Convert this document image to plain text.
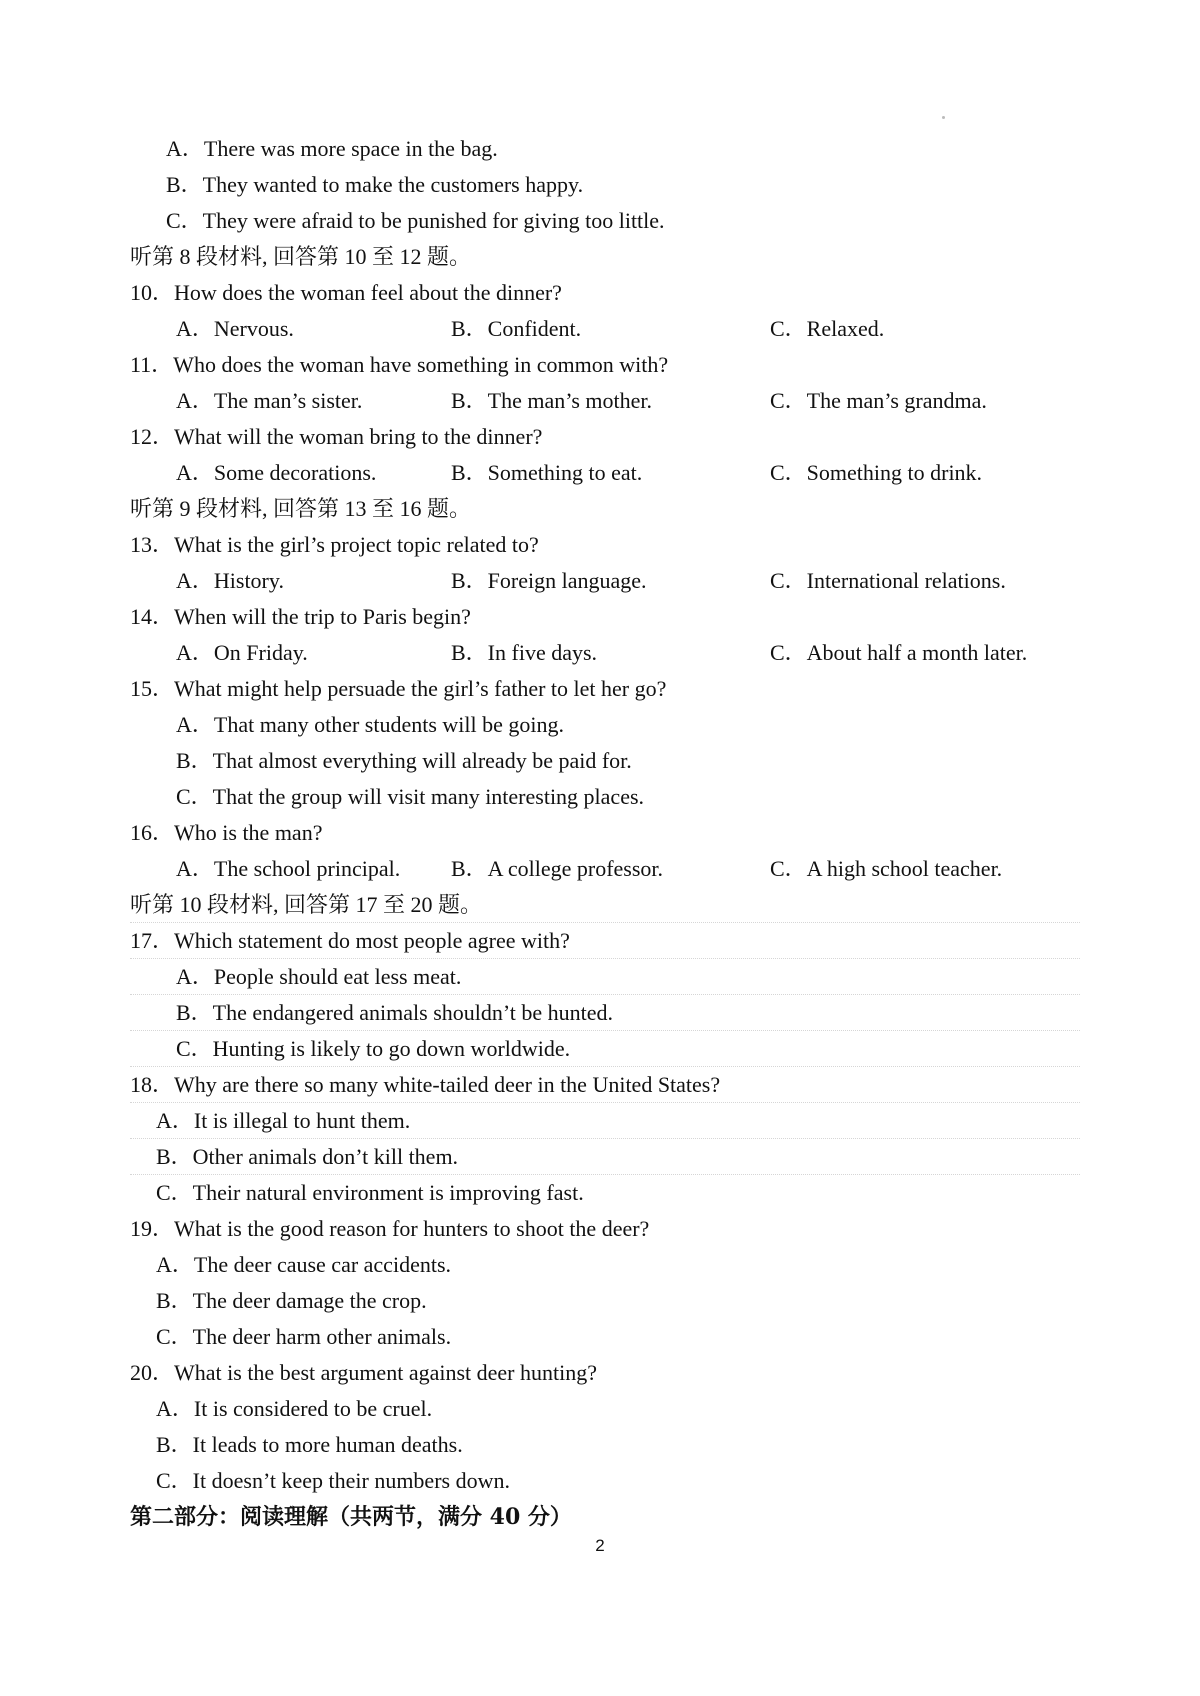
A．There was more space in the bag.
B．They wanted to make the customers happy.
C．They were afraid to be punished for giving too little.
听第 8 段材料, 回答第 10 至 12 题。
10．How does the woman feel about the dinner?
A．Nervous.	B．Confident.	C．Relaxed.
11．Who does the woman have something in common with?
A．The man’s sister.	B．The man’s mother.	C．The man’s grandma.
12．What will the woman bring to the dinner?
A．Some decorations.	B．Something to eat.	C．Something to drink.
听第 9 段材料, 回答第 13 至 16 题。
13．What is the girl’s project topic related to?
A．History.	B．Foreign language.	C．International relations.
14．When will the trip to Paris begin?
A．On Friday.	B．In five days.	C．About half a month later.
15．What might help persuade the girl’s father to let her go?
A．That many other students will be going.
B．That almost everything will already be paid for.
C．That the group will visit many interesting places.
16．Who is the man?
A．The school principal. B．A college professor.	C．A high school teacher.
听第 10 段材料, 回答第 17 至 20 题。
17．Which statement do most people agree with?
A．People should eat less meat.
B．The endangered animals shouldn’t be hunted.
C．Hunting is likely to go down worldwide.
18．Why are there so many white-tailed deer in the United States?
A．It is illegal to hunt them.
B．Other animals don’t kill them.
C．Their natural environment is improving fast.
19．What is the good reason for hunters to shoot the deer?
A．The deer cause car accidents.
B．The deer damage the crop.
C．The deer harm other animals.
20．What is the best argument against deer hunting?
A．It is considered to be cruel.
B．It leads to more human deaths.
C．It doesn’t keep their numbers down.
第二部分：阅读理解（共两节，满分 40 分）
2
